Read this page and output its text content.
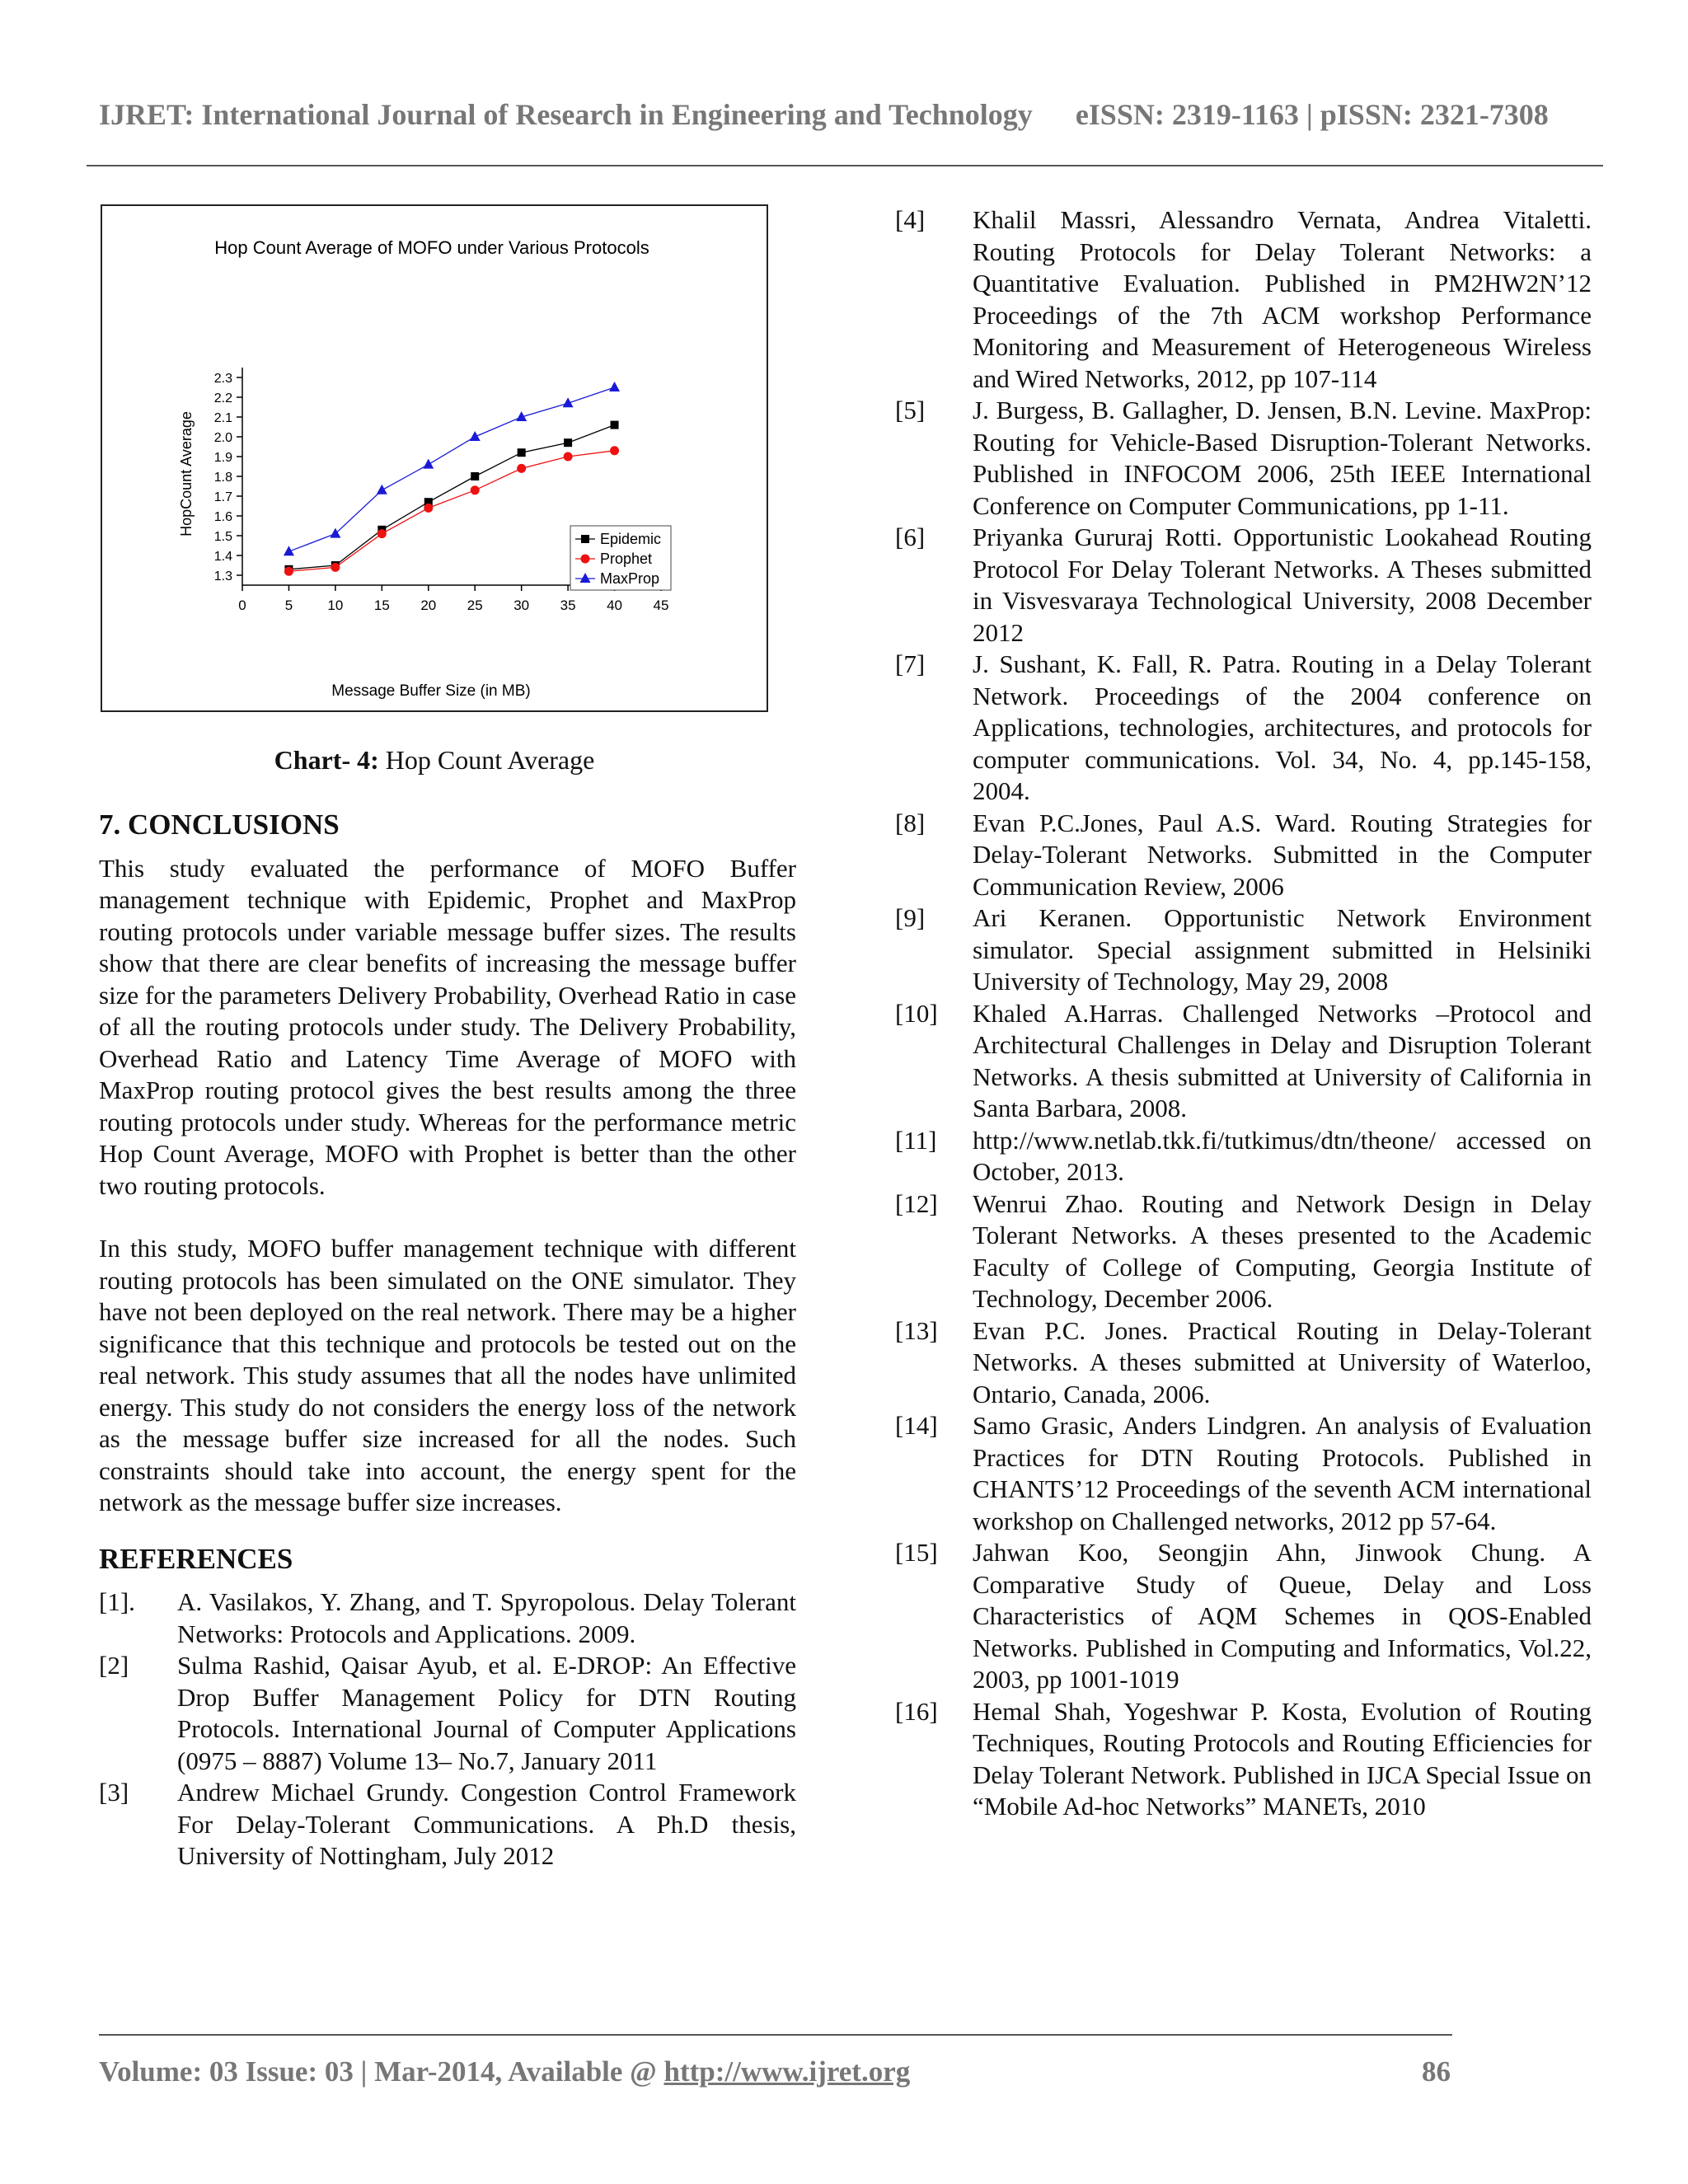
IJRET: International Journal of Research in Engineering and Technology eISSN: 2319-1163 | pISSN: 2321-7308
Hop Count Average of MOFO under Various Protocols
0	5 10 15 20 25 30 35 40 45
1.3
1.4
1.5
1.6
1.7
1.8
1.9
2.0
2.1
2.2
2.3
Message Buffer Size (in MB)
HopCount Average
Epidemic
Prophet
MaxProp
Chart- 4: Hop Count Average

7. CONCLUSIONS

This study evaluated the performance of MOFO Buffer management technique with Epidemic, Prophet and MaxProp routing protocols under variable message buffer sizes. The results show that there are clear benefits of increasing the message buffer size for the parameters Delivery Probability, Overhead Ratio in case of all the routing protocols under study. The Delivery Probability, Overhead Ratio and Latency Time Average of MOFO with MaxProp routing protocol gives the best results among the three routing protocols under study. Whereas for the performance metric Hop Count Average, MOFO with Prophet is better than the other two routing protocols.

In this study, MOFO buffer management technique with different routing protocols has been simulated on the ONE simulator. They have not been deployed on the real network. There may be a higher significance that this technique and protocols be tested out on the real network. This study assumes that all the nodes have unlimited energy. This study do not considers the energy loss of the network as the message buffer size increased for all the nodes. Such constraints should take into account, the energy spent for the network as the message buffer size increases.

REFERENCES

[1]. A. Vasilakos, Y. Zhang, and T. Spyropolous. Delay Tolerant Networks: Protocols and Applications. 2009.
[2] Sulma Rashid, Qaisar Ayub, et al. E-DROP: An Effective Drop Buffer Management Policy for DTN Routing Protocols. International Journal of Computer Applications (0975 – 8887) Volume 13– No.7, January 2011
[3] Andrew Michael Grundy. Congestion Control Framework For Delay-Tolerant Communications. A Ph.D thesis, University of Nottingham, July 2012
[4] Khalil Massri, Alessandro Vernata, Andrea Vitaletti. Routing Protocols for Delay Tolerant Networks: a Quantitative Evaluation. Published in PM2HW2N’12 Proceedings of the 7th ACM workshop Performance Monitoring and Measurement of Heterogeneous Wireless and Wired Networks, 2012, pp 107-114
[5] J. Burgess, B. Gallagher, D. Jensen, B.N. Levine. MaxProp: Routing for Vehicle-Based Disruption-Tolerant Networks. Published in INFOCOM 2006, 25th IEEE International Conference on Computer Communications, pp 1-11.
[6] Priyanka Gururaj Rotti. Opportunistic Lookahead Routing Protocol For Delay Tolerant Networks. A Theses submitted in Visvesvaraya Technological University, 2008 December 2012
[7] J. Sushant, K. Fall, R. Patra. Routing in a Delay Tolerant Network. Proceedings of the 2004 conference on Applications, technologies, architectures, and protocols for computer communications. Vol. 34, No. 4, pp.145-158, 2004.
[8] Evan P.C.Jones, Paul A.S. Ward. Routing Strategies for Delay-Tolerant Networks. Submitted in the Computer Communication Review, 2006
[9] Ari Keranen. Opportunistic Network Environment simulator. Special assignment submitted in Helsiniki University of Technology, May 29, 2008
[10] Khaled A.Harras. Challenged Networks –Protocol and Architectural Challenges in Delay and Disruption Tolerant Networks. A thesis submitted at University of California in Santa Barbara, 2008.
[11] http://www.netlab.tkk.fi/tutkimus/dtn/theone/ accessed on October, 2013.
[12] Wenrui Zhao. Routing and Network Design in Delay Tolerant Networks. A theses presented to the Academic Faculty of College of Computing, Georgia Institute of Technology, December 2006.
[13] Evan P.C. Jones. Practical Routing in Delay-Tolerant Networks. A theses submitted at University of Waterloo, Ontario, Canada, 2006.
[14] Samo Grasic, Anders Lindgren. An analysis of Evaluation Practices for DTN Routing Protocols. Published in CHANTS’12 Proceedings of the seventh ACM international workshop on Challenged networks, 2012 pp 57-64.
[15] Jahwan Koo, Seongjin Ahn, Jinwook Chung. A Comparative Study of Queue, Delay and Loss Characteristics of AQM Schemes in QOS-Enabled Networks. Published in Computing and Informatics, Vol.22, 2003, pp 1001-1019
[16] Hemal Shah, Yogeshwar P. Kosta, Evolution of Routing Techniques, Routing Protocols and Routing Efficiencies for Delay Tolerant Network. Published in IJCA Special Issue on “Mobile Ad-hoc Networks” MANETs, 2010
Volume: 03 Issue: 03 | Mar-2014, Available @ http://www.ijret.org	86
